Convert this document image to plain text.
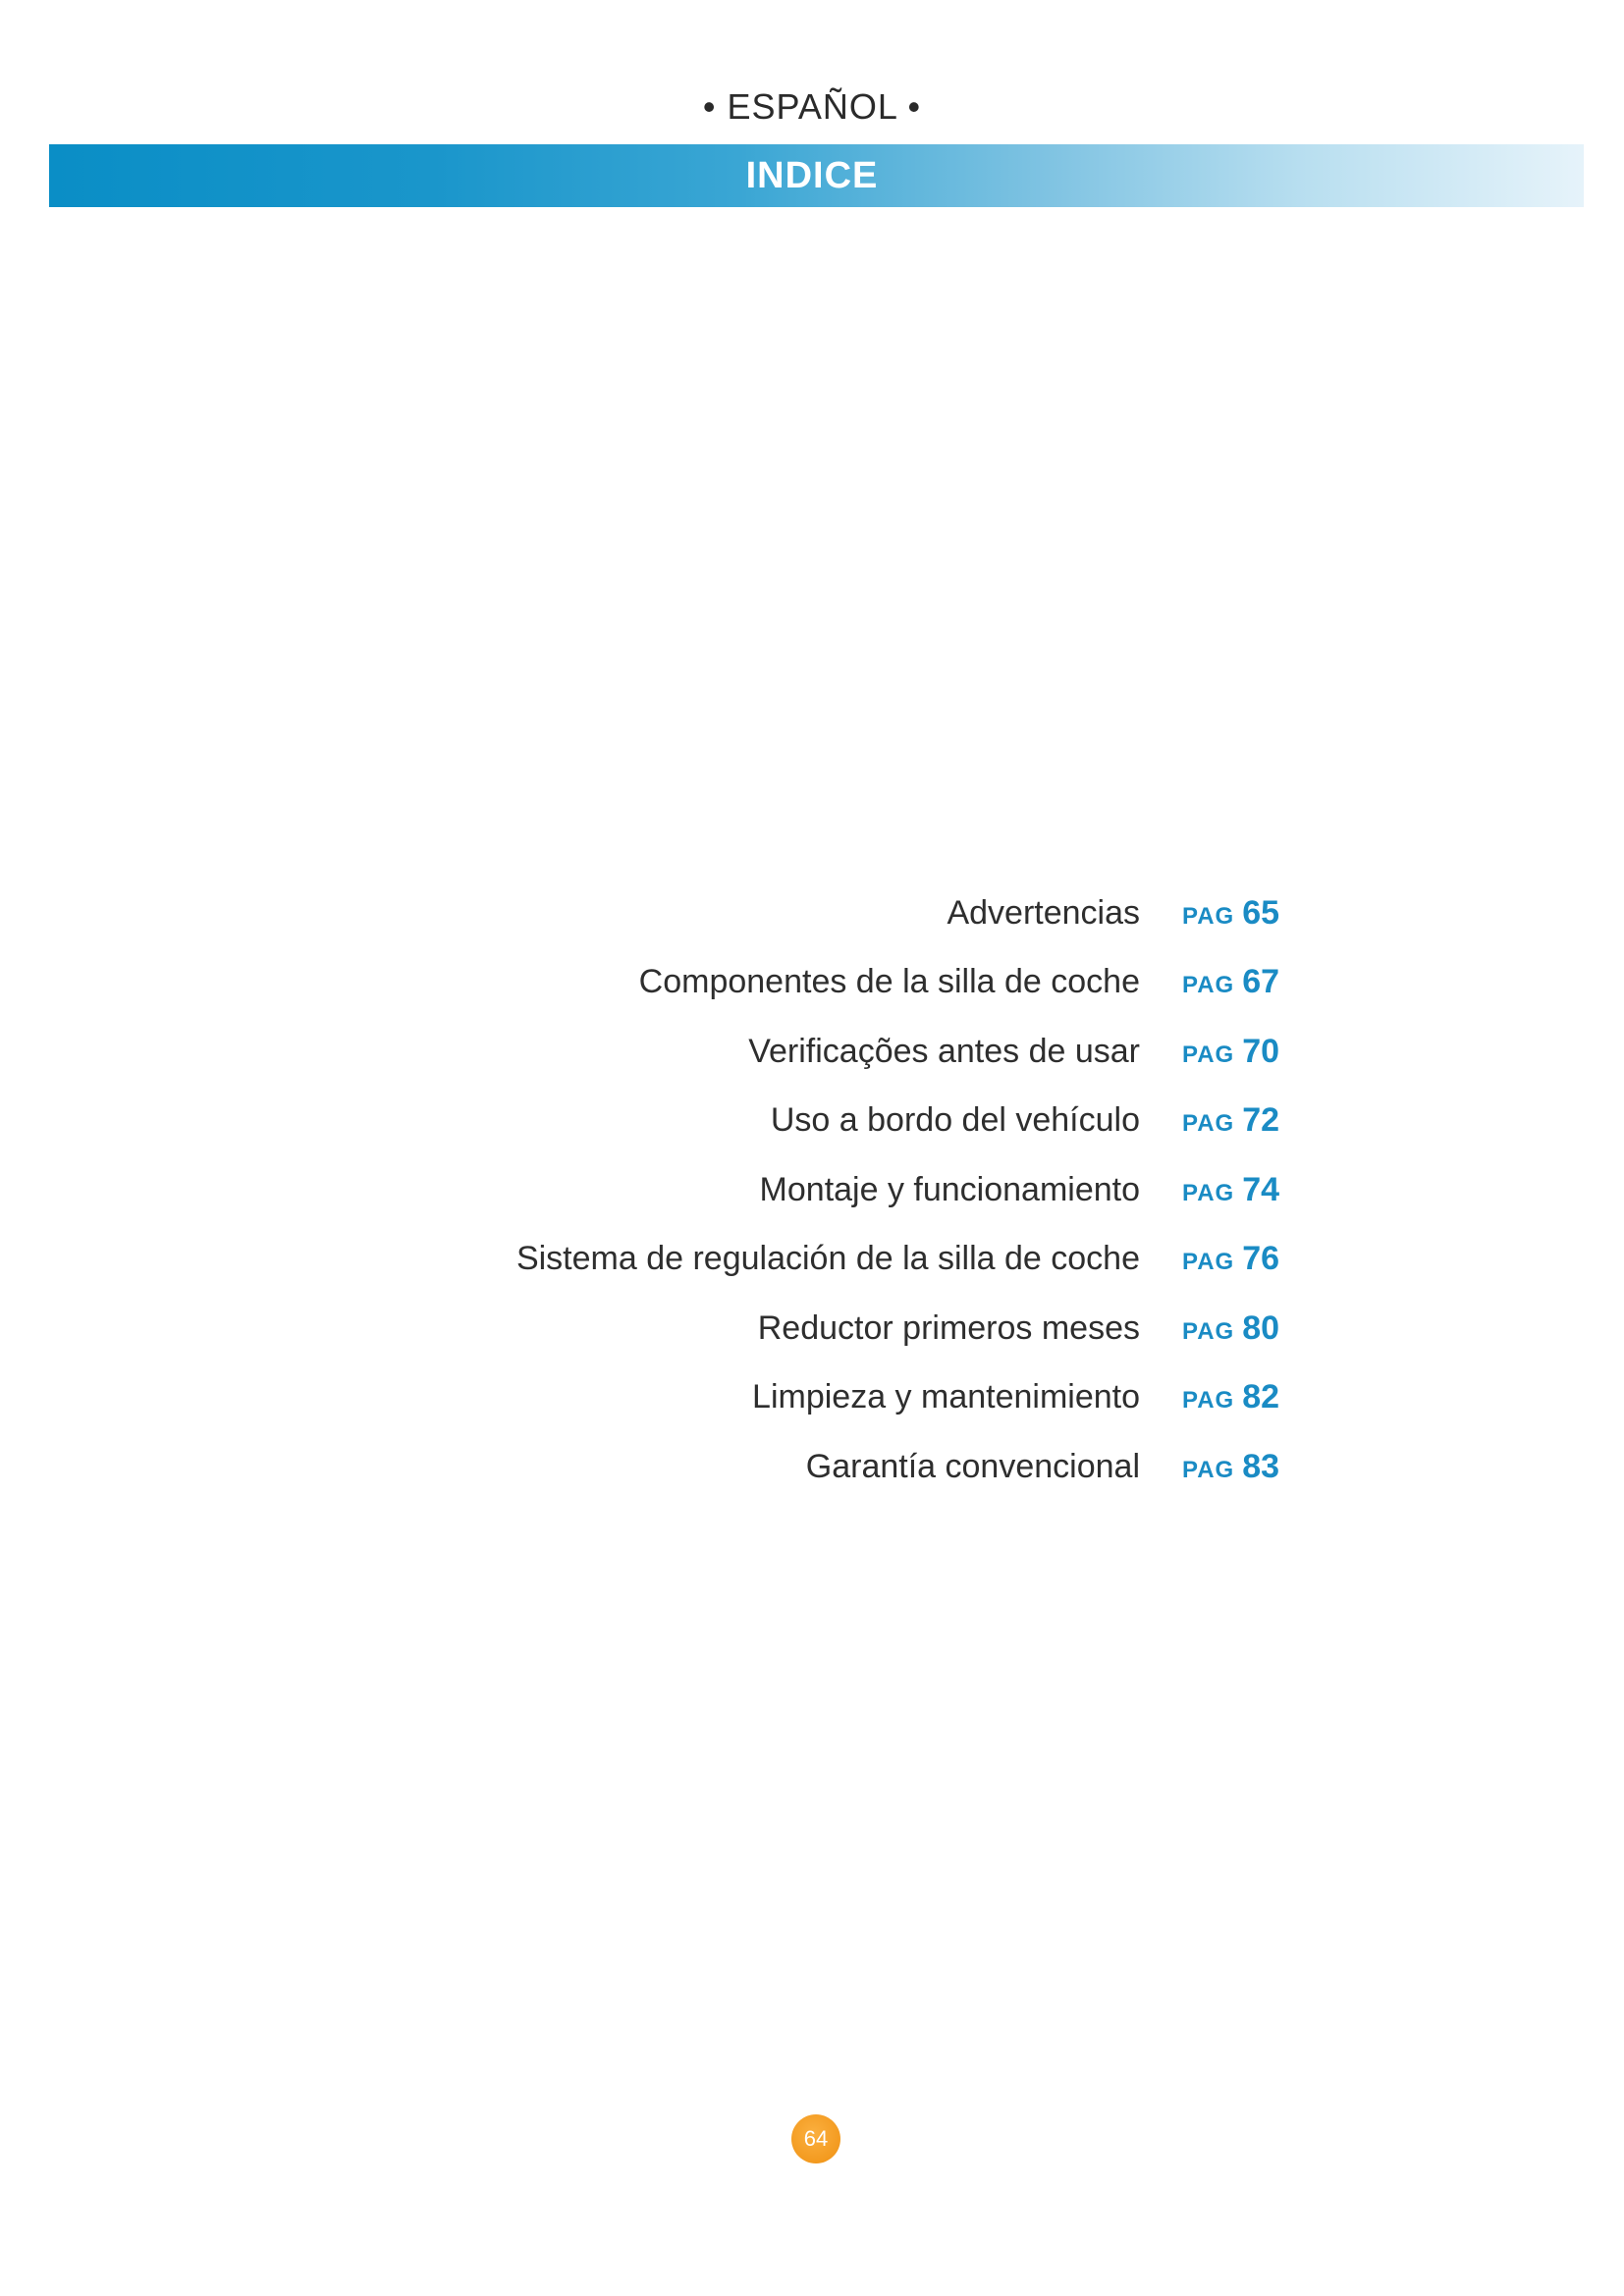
• ESPAÑOL •
INDICE
Advertencias PAG 65
Componentes de la silla de coche PAG 67
Verificações antes de usar PAG 70
Uso a bordo del vehículo PAG 72
Montaje y funcionamiento PAG 74
Sistema de regulación de la silla de coche PAG 76
Reductor primeros meses PAG 80
Limpieza y mantenimiento PAG 82
Garantía convencional PAG 83
64
